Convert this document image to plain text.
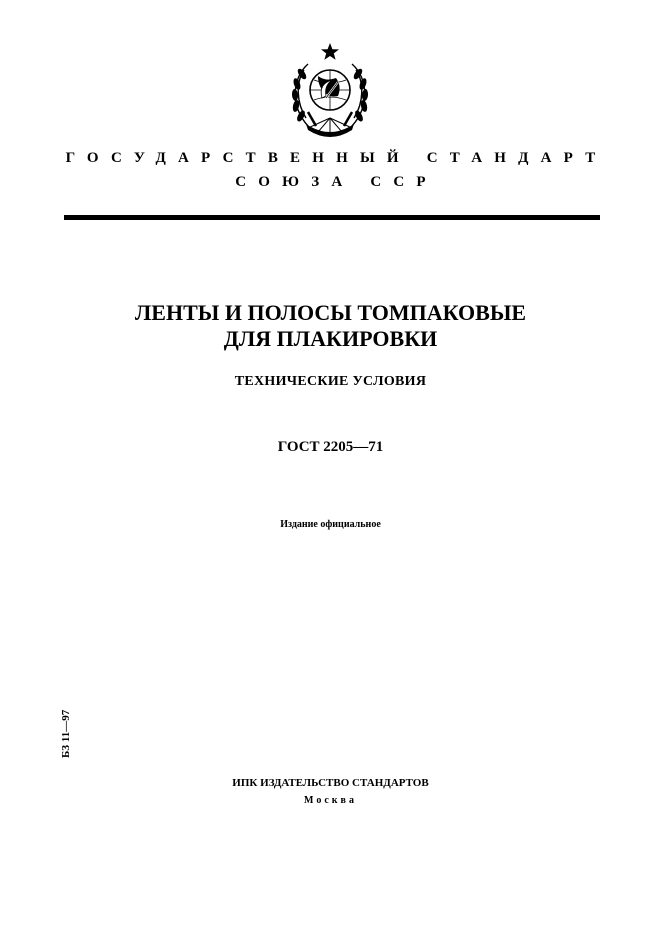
ГОСУДАРСТВЕННЫЙ СТАНДАРТ
СОЮЗА ССР
ЛЕНТЫ И ПОЛОСЫ ТОМПАКОВЫЕ
ДЛЯ ПЛАКИРОВКИ
ТЕХНИЧЕСКИЕ УСЛОВИЯ
ГОСТ 2205—71
Издание официальное
БЗ 11—97
ИПК ИЗДАТЕЛЬСТВО СТАНДАРТОВ
Москва
